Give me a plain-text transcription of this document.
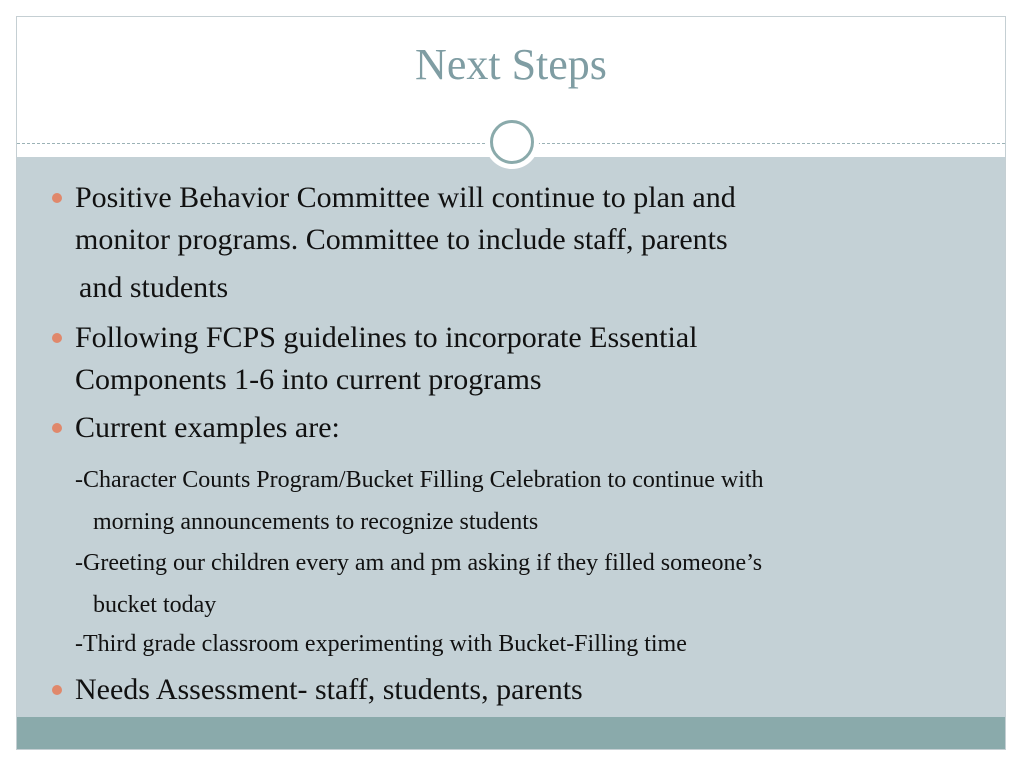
Next Steps
Positive Behavior Committee will continue to plan and
monitor programs. Committee to include staff, parents
and students
Following FCPS guidelines to incorporate Essential
Components 1-6 into current programs
Current examples are:
-Character Counts Program/Bucket Filling Celebration to continue with
morning announcements to recognize students
-Greeting our children every am and pm asking if they filled someone’s
bucket today
-Third grade classroom experimenting with Bucket-Filling time
Needs Assessment- staff, students, parents
